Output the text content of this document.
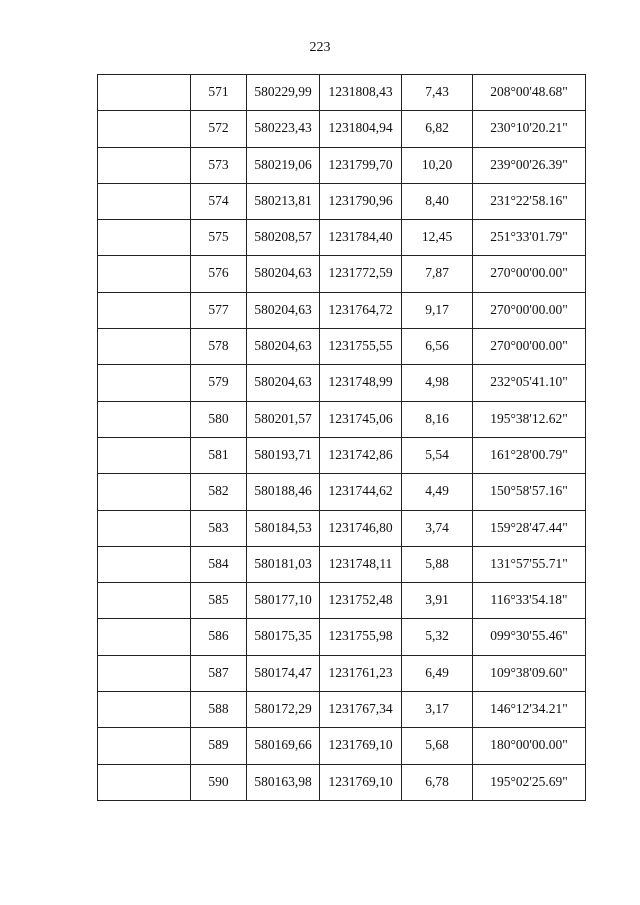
223

	571	580229,99	1231808,43	7,43	208°00'48.68"

	572	580223,43	1231804,94	6,82	230°10'20.21"

	573	580219,06	1231799,70	10,20	239°00'26.39"

	574	580213,81	1231790,96	8,40	231°22'58.16"

	575	580208,57	1231784,40	12,45	251°33'01.79"

	576	580204,63	1231772,59	7,87	270°00'00.00"

	577	580204,63	1231764,72	9,17	270°00'00.00"

	578	580204,63	1231755,55	6,56	270°00'00.00"

	579	580204,63	1231748,99	4,98	232°05'41.10"

	580	580201,57	1231745,06	8,16	195°38'12.62"

	581	580193,71	1231742,86	5,54	161°28'00.79"

	582	580188,46	1231744,62	4,49	150°58'57.16"

	583	580184,53	1231746,80	3,74	159°28'47.44"

	584	580181,03	1231748,11	5,88	131°57'55.71"

	585	580177,10	1231752,48	3,91	116°33'54.18"

	586	580175,35	1231755,98	5,32	099°30'55.46"

	587	580174,47	1231761,23	6,49	109°38'09.60"

	588	580172,29	1231767,34	3,17	146°12'34.21"

	589	580169,66	1231769,10	5,68	180°00'00.00"

	590	580163,98	1231769,10	6,78	195°02'25.69"
